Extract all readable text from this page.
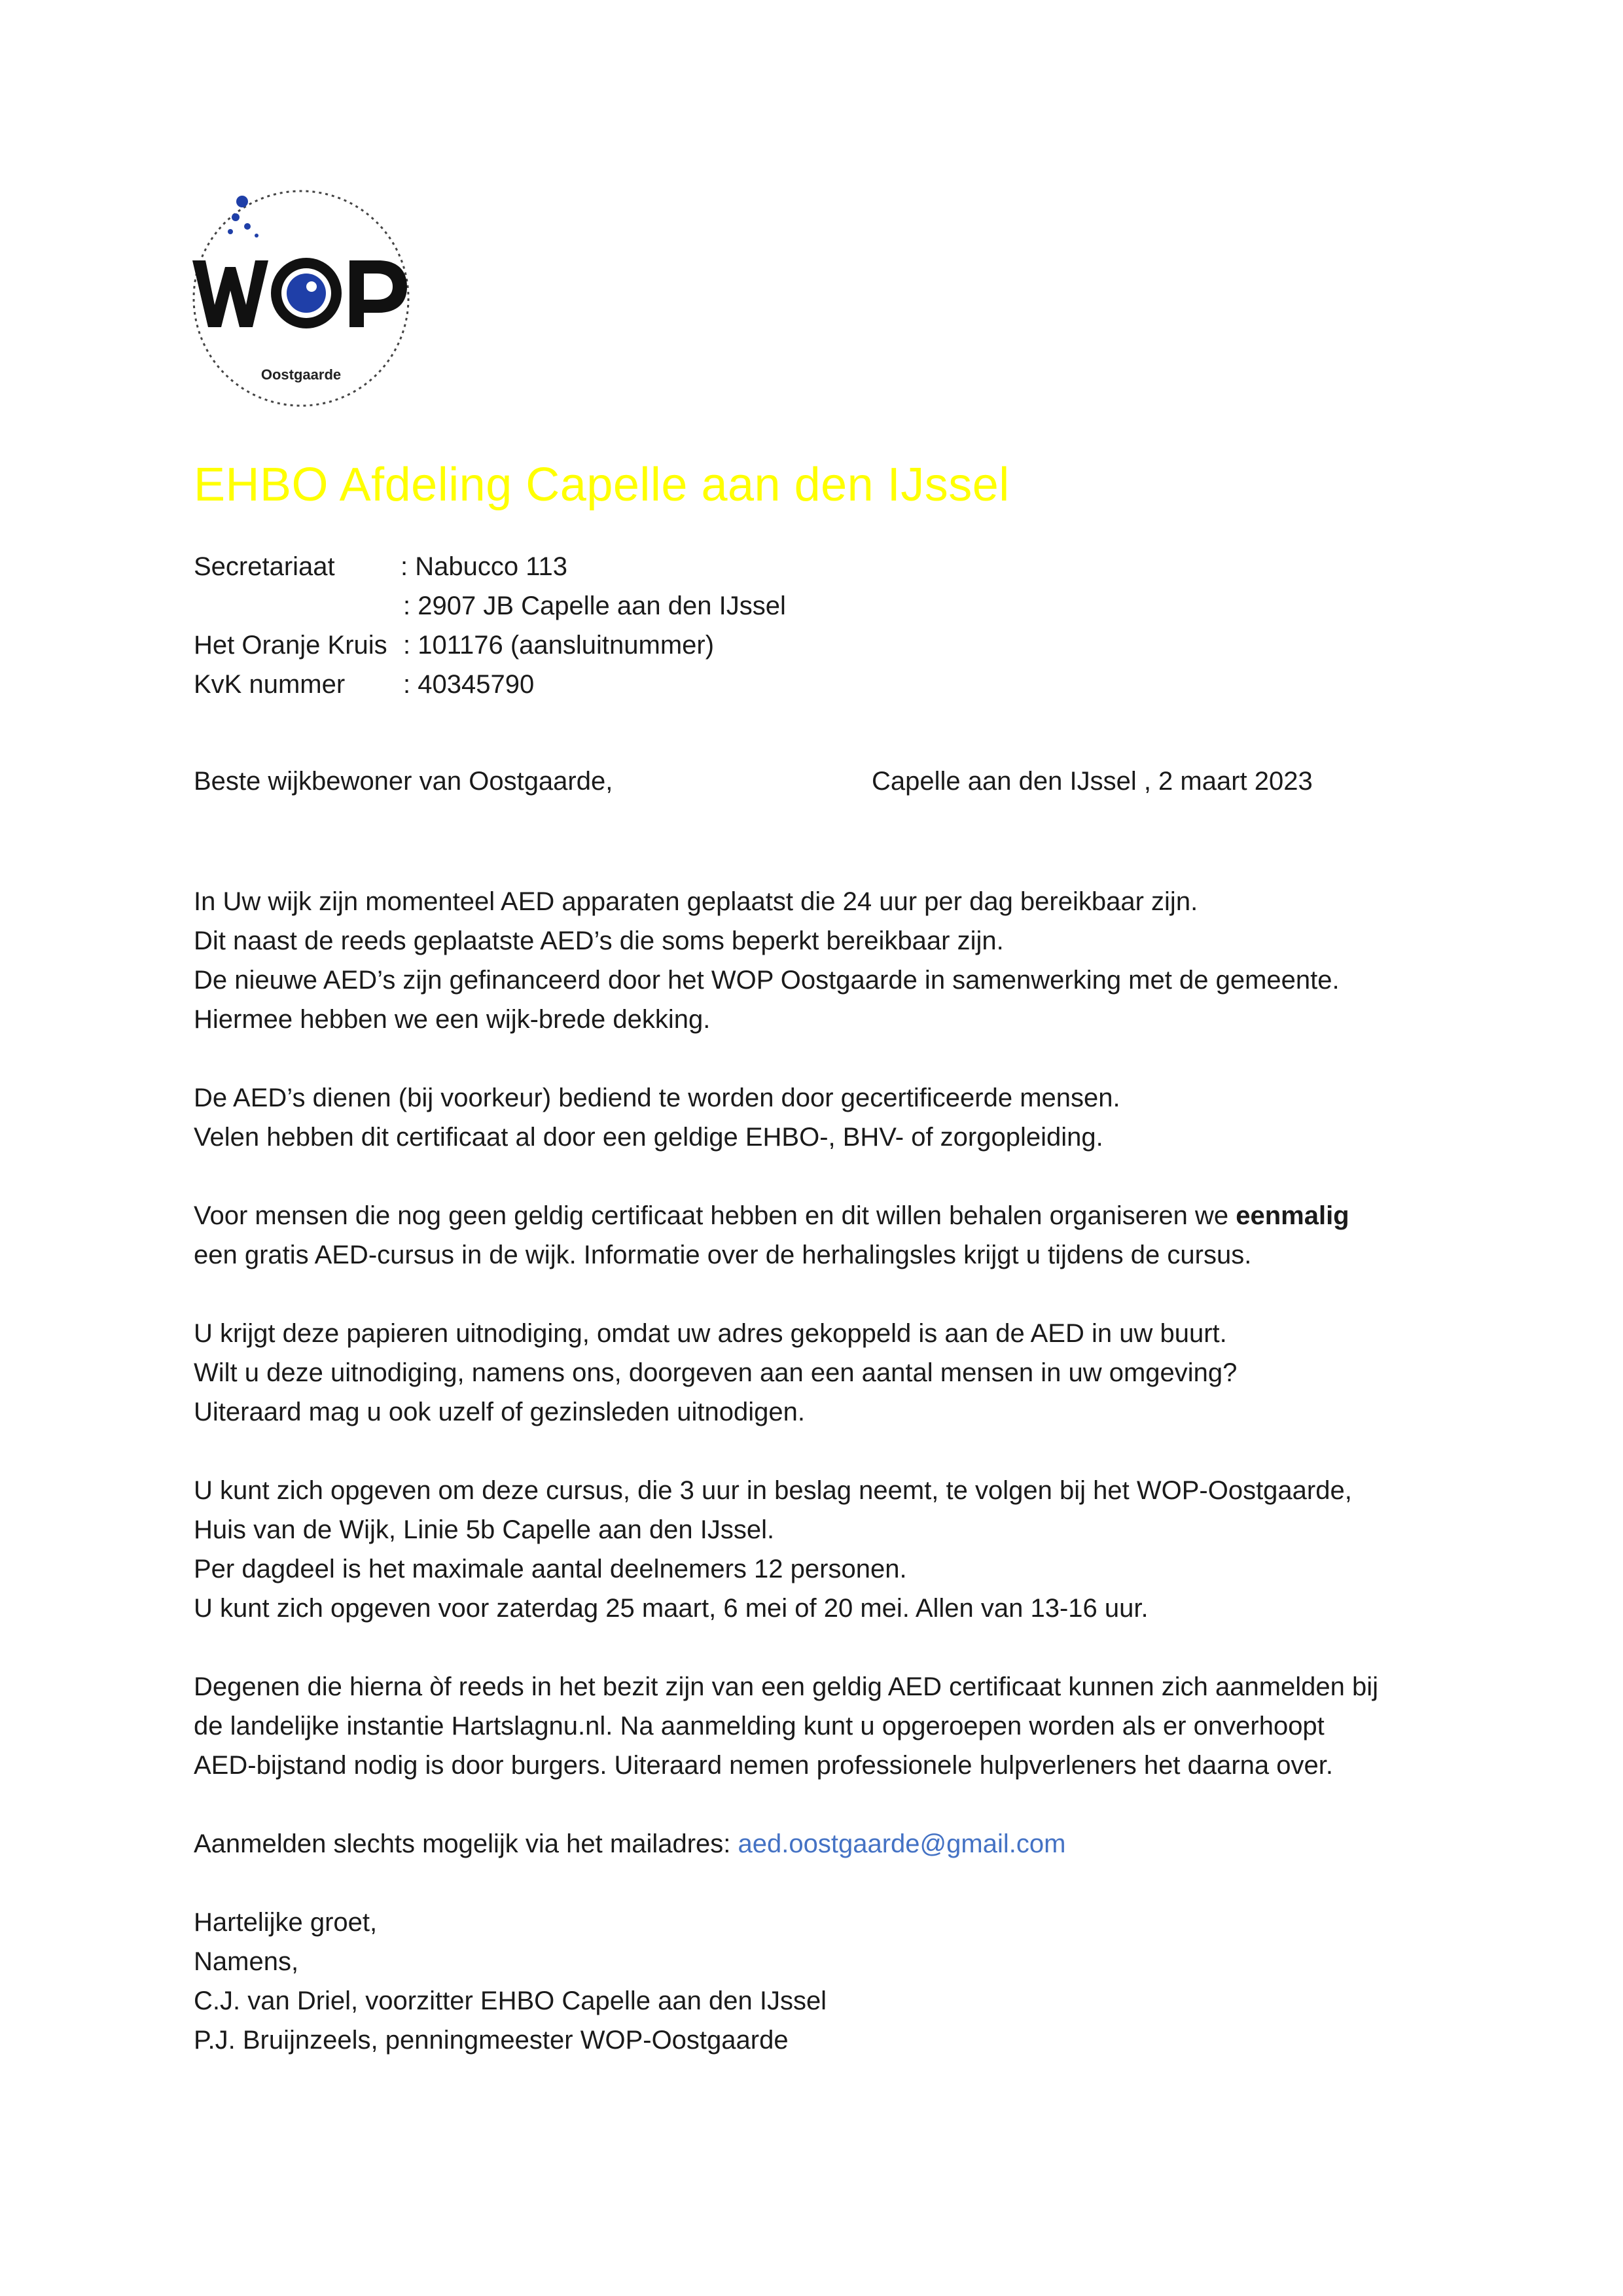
Oostgaarde
EHBO Afdeling Capelle aan den IJssel
Secretariaat	: Nabucco 113
: 2907 JB Capelle aan den IJssel
Het Oranje Kruis : 101176 (aansluitnummer)
KvK nummer : 40345790
Beste wijkbewoner van Oostgaarde,	Capelle aan den IJssel , 2 maart 2023

In Uw wijk zijn momenteel AED apparaten geplaatst die 24 uur per dag bereikbaar zijn.
Dit naast de reeds geplaatste AED’s die soms beperkt bereikbaar zijn.
De nieuwe AED’s zijn gefinanceerd door het WOP Oostgaarde in samenwerking met de gemeente.
Hiermee hebben we een wijk-brede dekking.

De AED’s dienen (bij voorkeur) bediend te worden door gecertificeerde mensen.
Velen hebben dit certificaat al door een geldige EHBO-, BHV- of zorgopleiding.

Voor mensen die nog geen geldig certificaat hebben en dit willen behalen organiseren we eenmalig
een gratis AED-cursus in de wijk. Informatie over de herhalingsles krijgt u tijdens de cursus.

U krijgt deze papieren uitnodiging, omdat uw adres gekoppeld is aan de AED in uw buurt.
Wilt u deze uitnodiging, namens ons, doorgeven aan een aantal mensen in uw omgeving?
Uiteraard mag u ook uzelf of gezinsleden uitnodigen.

U kunt zich opgeven om deze cursus, die 3 uur in beslag neemt, te volgen bij het WOP-Oostgaarde,
Huis van de Wijk, Linie 5b Capelle aan den IJssel.
Per dagdeel is het maximale aantal deelnemers 12 personen.
U kunt zich opgeven voor zaterdag 25 maart, 6 mei of 20 mei. Allen van 13-16 uur.

Degenen die hierna òf reeds in het bezit zijn van een geldig AED certificaat kunnen zich aanmelden bij
de landelijke instantie Hartslagnu.nl. Na aanmelding kunt u opgeroepen worden als er onverhoopt
AED-bijstand nodig is door burgers. Uiteraard nemen professionele hulpverleners het daarna over.

Aanmelden slechts mogelijk via het mailadres: aed.oostgaarde@gmail.com

Hartelijke groet,
Namens,
C.J. van Driel, voorzitter EHBO Capelle aan den IJssel
P.J. Bruijnzeels, penningmeester WOP-Oostgaarde
